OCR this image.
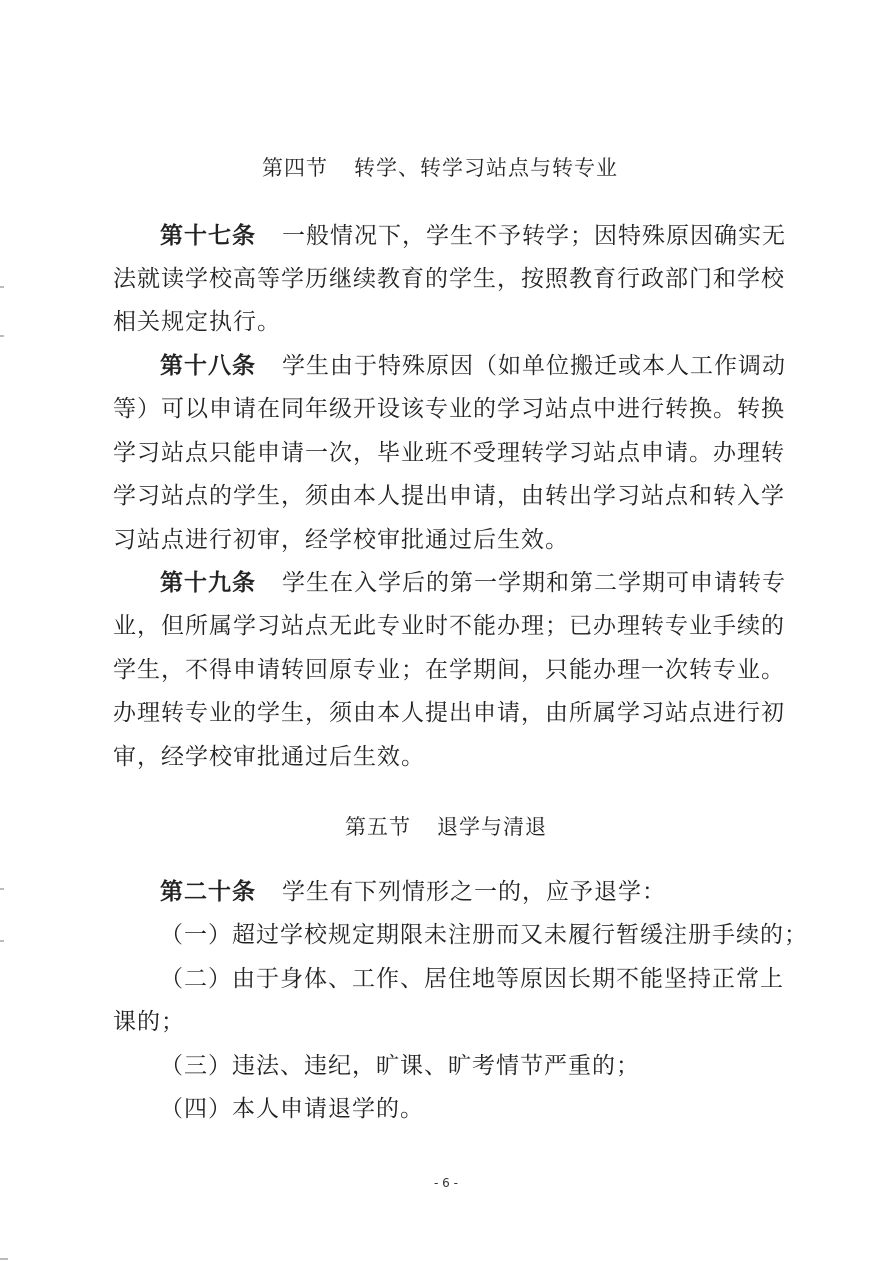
第四节 转学、转学习站点与转专业
第十七条 一般情况下，学生不予转学；因特殊原因确实无
法就读学校高等学历继续教育的学生，按照教育行政部门和学校
相关规定执行。
第十八条 学生由于特殊原因（如单位搬迁或本人工作调动
等）可以申请在同年级开设该专业的学习站点中进行转换。转换
学习站点只能申请一次，毕业班不受理转学习站点申请。办理转
学习站点的学生，须由本人提出申请，由转出学习站点和转入学
习站点进行初审，经学校审批通过后生效。
第十九条 学生在入学后的第一学期和第二学期可申请转专
业，但所属学习站点无此专业时不能办理；已办理转专业手续的
学生，不得申请转回原专业；在学期间，只能办理一次转专业。
办理转专业的学生，须由本人提出申请，由所属学习站点进行初
审，经学校审批通过后生效。
第五节 退学与清退
第二十条 学生有下列情形之一的，应予退学：
（一）超过学校规定期限未注册而又未履行暂缓注册手续的；
（二）由于身体、工作、居住地等原因长期不能坚持正常上
课的；
（三）违法、违纪，旷课、旷考情节严重的；
（四）本人申请退学的。
- 6 -
